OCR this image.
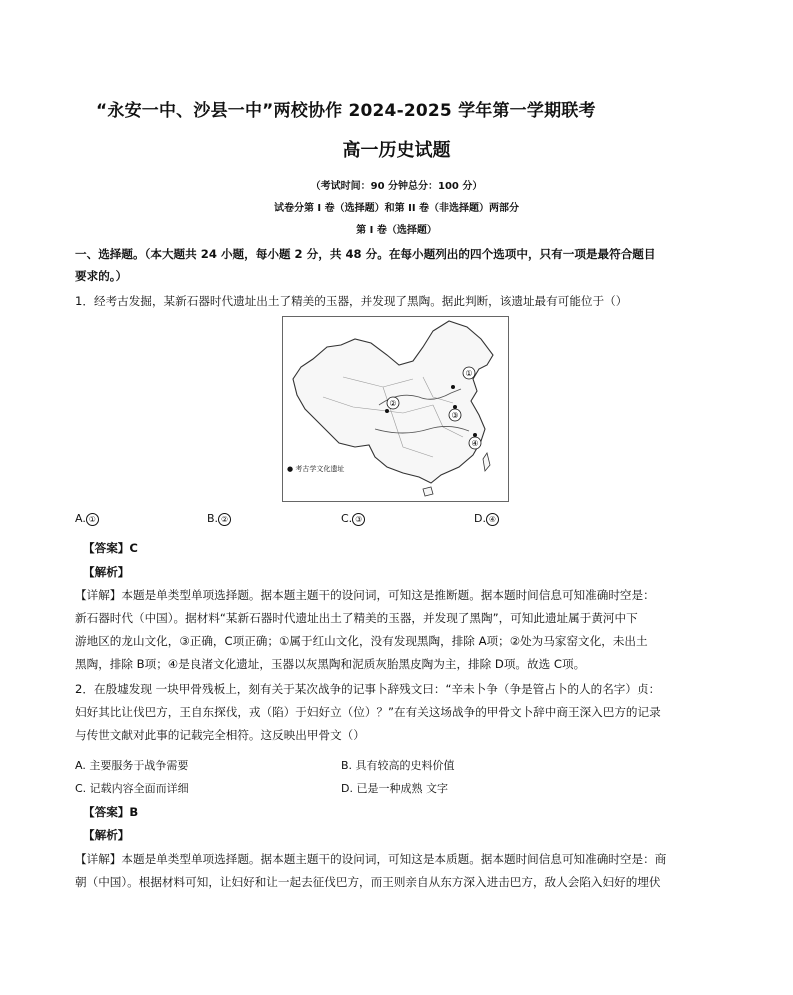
“永安一中、沙县一中”两校协作 2024-2025 学年第一学期联考
高一历史试题
（考试时间：90 分钟总分：100 分）
试卷分第 I 卷（选择题）和第 II 卷（非选择题）两部分
第 I 卷（选择题）
一、选择题。（本大题共 24 小题，每小题 2 分，共 48 分。在每小题列出的四个选项中，只有一项是最符合题目
要求的。）
1．经考古发掘，某新石器时代遗址出土了精美的玉器，并发现了黑陶。据此判断，该遗址最有可能位于（）
①
②
③
④
● 考古学文化遗址
A. ①	B. ②	C. ③	D. ④
【答案】C
【解析】
【详解】本题是单类型单项选择题。据本题主题干的设问词，可知这是推断题。据本题时间信息可知准确时空是：
新石器时代（中国）。据材料“某新石器时代遗址出土了精美的玉器，并发现了黑陶”，可知此遗址属于黄河中下
游地区的龙山文化，③正确，C项正确；①属于红山文化，没有发现黑陶，排除 A项；②处为马家窑文化，未出土
黑陶，排除 B项；④是良渚文化遗址，玉器以灰黑陶和泥质灰胎黑皮陶为主，排除 D项。故选 C项。
2．在殷墟发现 一块甲骨残板上，刻有关于某次战争的记事卜辞残文曰：“辛未卜争（争是管占卜的人的名字）贞：
妇好其比让伐巴方，王自东探伐，戎（陷）于妇好立（位）？”在有关这场战争的甲骨文卜辞中商王深入巴方的记录
与传世文献对此事的记载完全相符。这反映出甲骨文（）
A. 主要服务于战争需要	B. 具有较高的史料价值
C. 记载内容全面而详细	D. 已是一种成熟 文字
【答案】B
【解析】
【详解】本题是单类型单项选择题。据本题主题干的设问词，可知这是本质题。据本题时间信息可知准确时空是：商
朝（中国）。根据材料可知，让妇好和让一起去征伐巴方，而王则亲自从东方深入进击巴方，敌人会陷入妇好的埋伏
